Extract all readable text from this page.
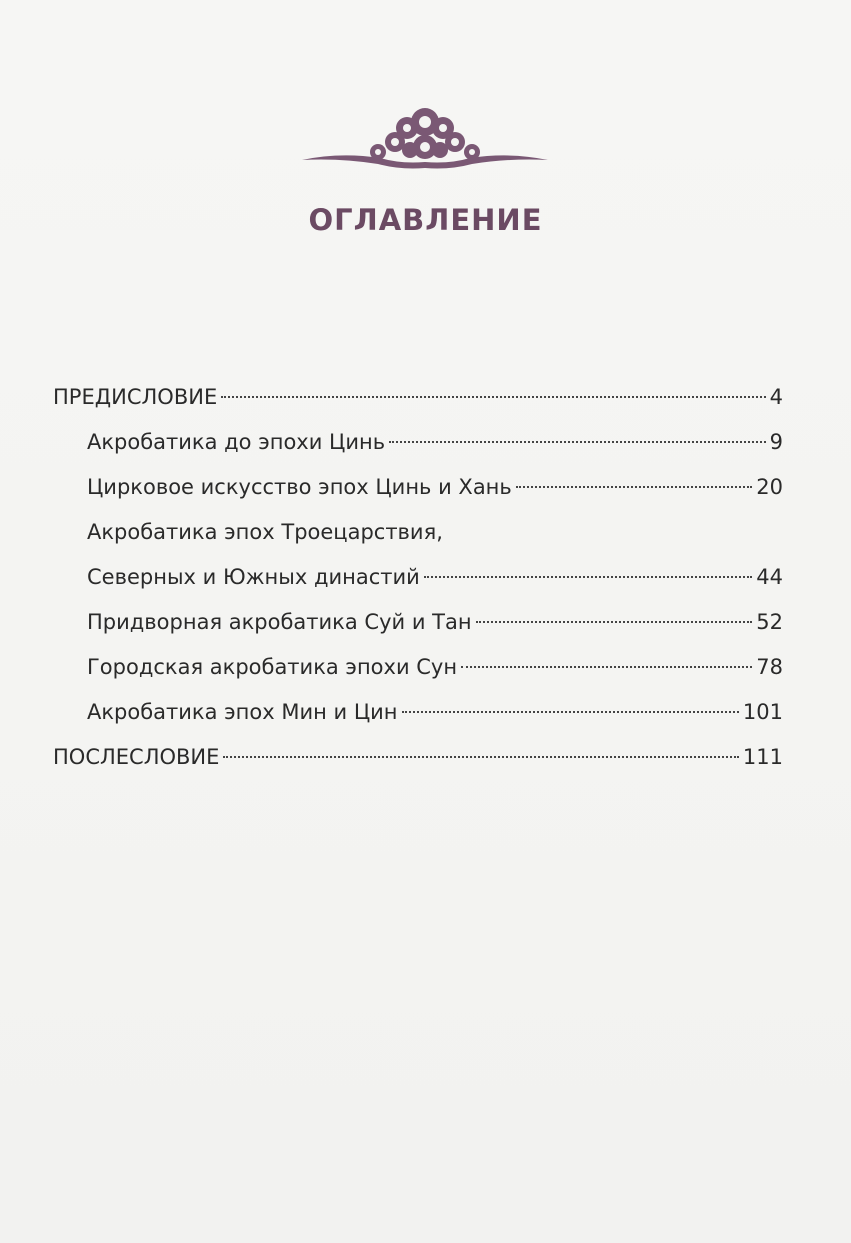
ОГЛАВЛЕНИЕ
ПРЕДИСЛОВИЕ	4
Акробатика до эпохи Цинь	9
Цирковое искусство эпох Цинь и Хань	20
Акробатика эпох Троецарствия,
Северных и Южных династий	44
Придворная акробатика Суй и Тан	52
Городская акробатика эпохи Сун	78
Акробатика эпох Мин и Цин	101
ПОСЛЕСЛОВИЕ	111
